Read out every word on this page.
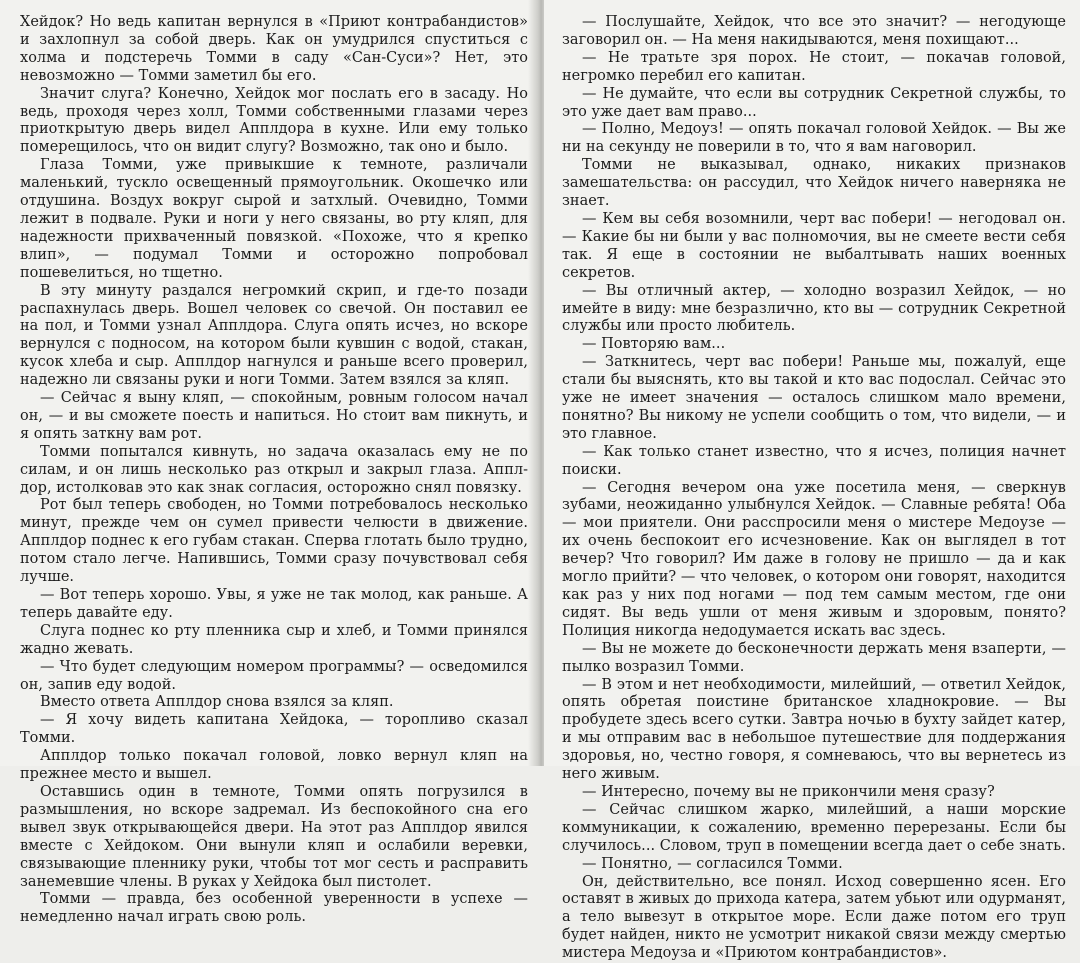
Хейдок? Но ведь капитан вернулся в «Приют контрабандистов» и захлопнул за собой дверь. Как он умудрился спуститься с холма и подстеречь Томми в саду «Сан-Суси»? Нет, это невозможно — Томми заметил бы его.

Значит слуга? Конечно, Хейдок мог послать его в засаду. Но ведь, проходя через холл, Томми собственными глазами через приоткрытую дверь видел Апплдора в кухне. Или ему только померещилось, что он видит слугу? Возможно, так оно и было.

Глаза Томми, уже привыкшие к темноте, различали маленький, тускло освещенный прямоугольник. Окошечко или отдушина. Воздух вокруг сырой и затхлый. Очевидно, Томми лежит в подвале. Руки и ноги у него связаны, во рту кляп, для надежности прихваченный повязкой. «Похоже, что я крепко влип», — подумал Томми и осторожно попробовал пошевелиться, но тщетно.

В эту минуту раздался негромкий скрип, и где-то позади распахнулась дверь. Вошел человек со свечой. Он поставил ее на пол, и Томми узнал Апплдора. Слуга опять исчез, но вскоре вернулся с подносом, на котором были кувшин с водой, стакан, кусок хлеба и сыр. Апплдор нагнулся и раньше всего проверил, надежно ли связаны руки и ноги Томми. Затем взялся за кляп.

— Сейчас я выну кляп, — спокойным, ровным голосом начал он, — и вы сможете поесть и напиться. Но стоит вам пикнуть, и я опять заткну вам рот.

Томми попытался кивнуть, но задача оказалась ему не по силам, и он лишь несколько раз открыл и закрыл глаза. Апплдор, истолковав это как знак согласия, осторожно снял повязку.

Рот был теперь свободен, но Томми потребовалось несколько минут, прежде чем он сумел привести челюсти в движение. Апплдор поднес к его губам стакан. Сперва глотать было трудно, потом стало легче. Напившись, Томми сразу почувствовал себя лучше.

— Вот теперь хорошо. Увы, я уже не так молод, как раньше. А теперь давайте еду.

Слуга поднес ко рту пленника сыр и хлеб, и Томми принялся жадно жевать.

— Что будет следующим номером программы? — осведомился он, запив еду водой.

Вместо ответа Апплдор снова взялся за кляп.

— Я хочу видеть капитана Хейдока, — торопливо сказал Томми.

Апплдор только покачал головой, ловко вернул кляп на прежнее место и вышел.

Оставшись один в темноте, Томми опять погрузился в размышления, но вскоре задремал. Из беспокойного сна его вывел звук открывающейся двери. На этот раз Апплдор явился вместе с Хейдоком. Они вынули кляп и ослабили веревки, связывающие пленнику руки, чтобы тот мог сесть и расправить занемевшие члены. В руках у Хейдока был пистолет.

Томми — правда, без особенной уверенности в успехе — немедленно начал играть свою роль.

— Послушайте, Хейдок, что все это значит? — негодующе заговорил он. — На меня накидываются, меня похищают...

— Не тратьте зря порох. Не стоит, — покачав головой, негромко перебил его капитан.

— Не думайте, что если вы сотрудник Секретной службы, то это уже дает вам право...

— Полно, Медоуз! — опять покачал головой Хейдок. — Вы же ни на секунду не поверили в то, что я вам наговорил.

Томми не выказывал, однако, никаких признаков замешательства: он рассудил, что Хейдок ничего наверняка не знает.

— Кем вы себя возомнили, черт вас побери! — негодовал он. — Какие бы ни были у вас полномочия, вы не смеете вести себя так. Я еще в состоянии не выбалтывать наших военных секретов.

— Вы отличный актер, — холодно возразил Хейдок, — но имейте в виду: мне безразлично, кто вы — сотрудник Секретной службы или просто любитель.

— Повторяю вам...

— Заткнитесь, черт вас побери! Раньше мы, пожалуй, еще стали бы выяснять, кто вы такой и кто вас подослал. Сейчас это уже не имеет значения — осталось слишком мало времени, понятно? Вы никому не успели сообщить о том, что видели, — и это главное.

— Как только станет известно, что я исчез, полиция начнет поиски.

— Сегодня вечером она уже посетила меня, — сверкнув зубами, неожиданно улыбнулся Хейдок. — Славные ребята! Оба — мои приятели. Они расспросили меня о мистере Медоузе — их очень беспокоит его исчезновение. Как он выглядел в тот вечер? Что говорил? Им даже в голову не пришло — да и как могло прийти? — что человек, о котором они говорят, находится как раз у них под ногами — под тем самым местом, где они сидят. Вы ведь ушли от меня живым и здоровым, понято? Полиция никогда недодумается искать вас здесь.

— Вы не можете до бесконечности держать меня взаперти, — пылко возразил Томми.

— В этом и нет необходимости, милейший, — ответил Хейдок, опять обретая поистине британское хладнокровие. — Вы пробудете здесь всего сутки. Завтра ночью в бухту зайдет катер, и мы отправим вас в небольшое путешествие для поддержания здоровья, но, честно говоря, я сомневаюсь, что вы вернетесь из него живым.

— Интересно, почему вы не прикончили меня сразу?

— Сейчас слишком жарко, милейший, а наши морские коммуникации, к сожалению, временно перерезаны. Если бы случилось... Словом, труп в помещении всегда дает о себе знать.

— Понятно, — согласился Томми.

Он, действительно, все понял. Исход совершенно ясен. Его оставят в живых до прихода катера, затем убьют или одурманят, а тело вывезут в открытое море. Если даже потом его труп будет найден, никто не усмотрит никакой связи между смертью мистера Медоуза и «Приютом контрабандистов».
